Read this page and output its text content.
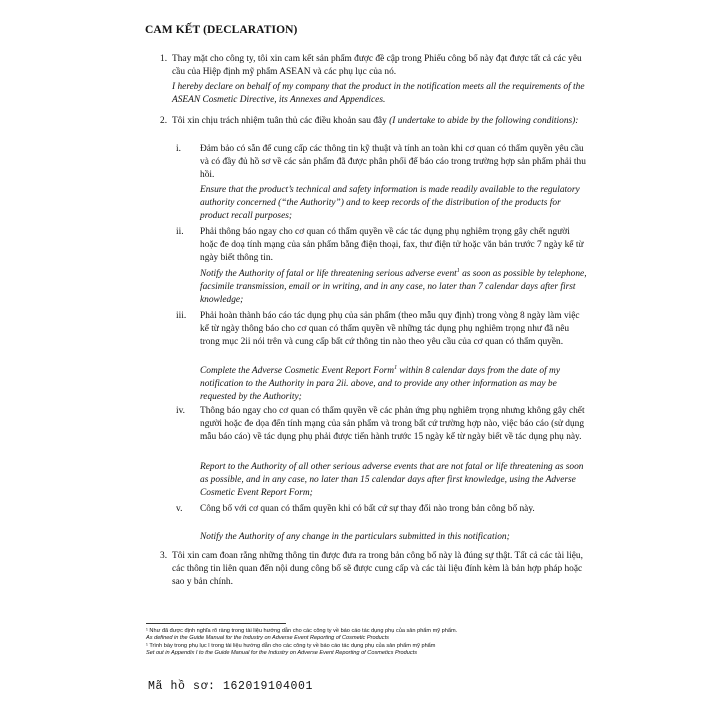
CAM KẾT (DECLARATION)
1. Thay mặt cho công ty, tôi xin cam kết sản phẩm được đề cập trong Phiếu công bố này đạt được tất cả các yêu cầu của Hiệp định mỹ phẩm ASEAN và các phụ lục của nó.
I hereby declare on behalf of my company that the product in the notification meets all the requirements of the ASEAN Cosmetic Directive, its Annexes and Appendices.
2. Tôi xin chịu trách nhiệm tuân thủ các điều khoản sau đây (I undertake to abide by the following conditions):
i. Đảm bảo có sẵn để cung cấp các thông tin kỹ thuật và tính an toàn khi cơ quan có thẩm quyền yêu cầu và có đầy đủ hồ sơ về các sản phẩm đã được phân phối để báo cáo trong trường hợp sản phẩm phải thu hồi.
Ensure that the product’s technical and safety information is made readily available to the regulatory authority concerned (“the Authority”) and to keep records of the distribution of the products for product recall purposes;
ii. Phải thông báo ngay cho cơ quan có thẩm quyền về các tác dụng phụ nghiêm trọng gây chết người hoặc đe doạ tính mạng của sản phẩm bằng điện thoại, fax, thư điện tử hoặc văn bản trước 7 ngày kể từ ngày biết thông tin.
Notify the Authority of fatal or life threatening serious adverse event$^1$ as soon as possible by telephone, facsimile transmission, email or in writing, and in any case, no later than 7 calendar days after first knowledge;
iii. Phải hoàn thành báo cáo tác dụng phụ của sản phẩm (theo mẫu quy định) trong vòng 8 ngày làm việc kể từ ngày thông báo cho cơ quan có thẩm quyền về những tác dụng phụ nghiêm trọng như đã nêu trong mục 2ii nói trên và cung cấp bất cứ thông tin nào theo yêu cầu của cơ quan có thẩm quyền.
Complete the Adverse Cosmetic Event Report Form$^1$ within 8 calendar days from the date of my notification to the Authority in para 2ii. above, and to provide any other information as may be requested by the Authority;
iv. Thông báo ngay cho cơ quan có thẩm quyền về các phản ứng phụ nghiêm trọng nhưng không gây chết người hoặc đe dọa đến tính mạng của sản phẩm và trong bất cứ trường hợp nào, việc báo cáo (sử dụng mẫu báo cáo) về tác dụng phụ phải được tiến hành trước 15 ngày kể từ ngày biết về tác dụng phụ này.
Report to the Authority of all other serious adverse events that are not fatal or life threatening as soon as possible, and in any case, no later than 15 calendar days after first knowledge, using the Adverse Cosmetic Event Report Form;
v. Công bố với cơ quan có thẩm quyền khi có bất cứ sự thay đổi nào trong bản công bố này.
Notify the Authority of any change in the particulars submitted in this notification;
3. Tôi xin cam đoan rằng những thông tin được đưa ra trong bản công bố này là đúng sự thật. Tất cả các tài liệu, các thông tin liên quan đến nội dung công bố sẽ được cung cấp và các tài liệu đính kèm là bản hợp pháp hoặc sao y bản chính.
¹ Như đã được định nghĩa rõ ràng trong tài liệu hướng dẫn cho các công ty về báo cáo tác dụng phụ của sản phẩm mỹ phẩm.
As defined in the Guide Manual for the Industry on Adverse Event Reporting of Cosmetic Products
¹ Trình bày trong phụ lục I trong tài liệu hướng dẫn cho các công ty về báo cáo tác dụng phụ của sản phẩm mỹ phẩm
Set out in Appendix I to the Guide Manual for the Industry on Adverse Event Reporting of Cosmetics Products
Mã hồ sơ: 162019104001
